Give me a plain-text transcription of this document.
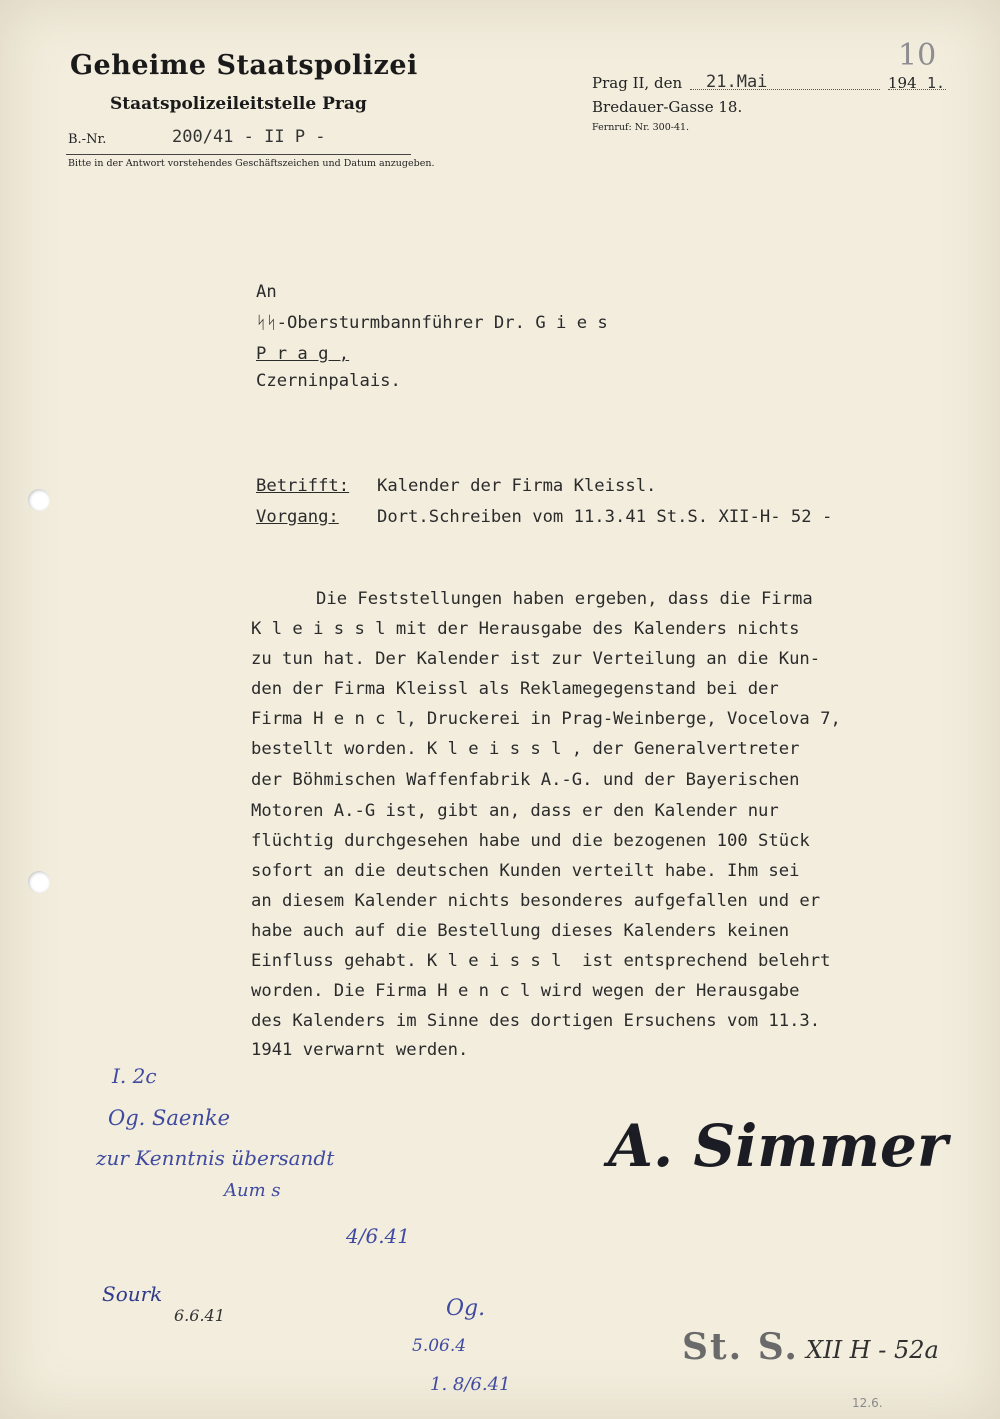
10
Geheime Staatspolizei
Staatspolizeileitstelle Prag
B.-Nr.	200/41 - II P -
Bitte in der Antwort vorstehendes Geschäftszeichen und Datum anzugeben.
Prag II, den 21.Mai	194 1.
Bredauer-Gasse 18.
Fernruf: Nr. 300-41.
An
ᛋᛋ-Obersturmbannführer Dr. G i e s
P r a g ,
Czerninpalais.
Betrifft: Kalender der Firma Kleissl.
Vorgang: Dort.Schreiben vom 11.3.41 St.S. XII-H- 52 -
Die Feststellungen haben ergeben, dass die Firma
K l e i s s l mit der Herausgabe des Kalenders nichts
zu tun hat. Der Kalender ist zur Verteilung an die Kun-
den der Firma Kleissl als Reklamegegenstand bei der
Firma H e n c l, Druckerei in Prag-Weinberge, Vocelova 7,
bestellt worden. K l e i s s l , der Generalvertreter
der Böhmischen Waffenfabrik A.-G. und der Bayerischen
Motoren A.-G ist, gibt an, dass er den Kalender nur
flüchtig durchgesehen habe und die bezogenen 100 Stück
sofort an die deutschen Kunden verteilt habe. Ihm sei
an diesem Kalender nichts besonderes aufgefallen und er
habe auch auf die Bestellung dieses Kalenders keinen
Einfluss gehabt. K l e i s s l  ist entsprechend belehrt
worden. Die Firma H e n c l wird wegen der Herausgabe
des Kalenders im Sinne des dortigen Ersuchens vom 11.3.
1941 verwarnt werden.
A. Simmer
I. 2c
Og. Saenke
zur Kenntnis übersandt
Aum s
4/6.41
Sourk
6.6.41	Og.
5.06.4
1. 8/6.41
St. S. XII H - 52a
12.6.
